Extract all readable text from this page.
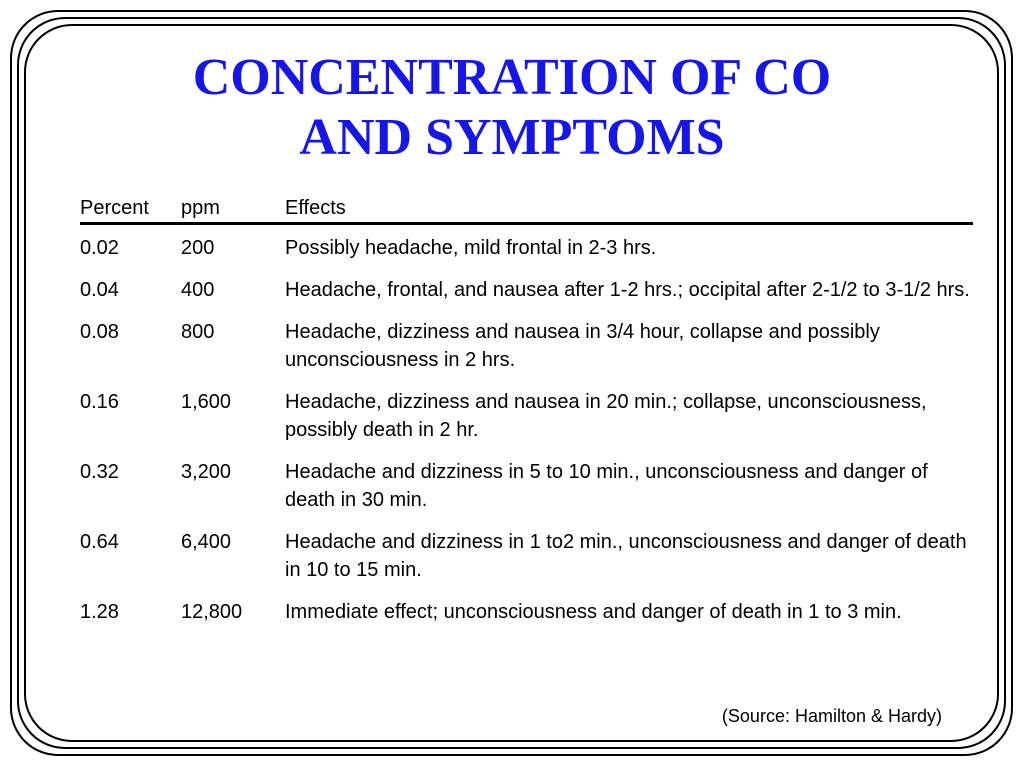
CONCENTRATION OF CO
AND SYMPTOMS
Percent	ppm	Effects
0.02	200	Possibly headache, mild frontal in 2-3 hrs.
0.04	400	Headache, frontal, and nausea after 1-2 hrs.; occipital after 2-1/2 to 3-1/2 hrs.
0.08	800	Headache, dizziness and nausea in 3/4 hour, collapse and possibly unconsciousness in 2 hrs.
0.16	1,600	Headache, dizziness and nausea in 20 min.; collapse, unconsciousness, possibly death in 2 hr.
0.32	3,200	Headache and dizziness in 5 to 10 min., unconsciousness and danger of death in 30 min.
0.64	6,400	Headache and dizziness in 1 to2 min., unconsciousness and danger of death in 10 to 15 min.
1.28	12,800	Immediate effect; unconsciousness and danger of death in 1 to 3 min.
(Source: Hamilton & Hardy)
